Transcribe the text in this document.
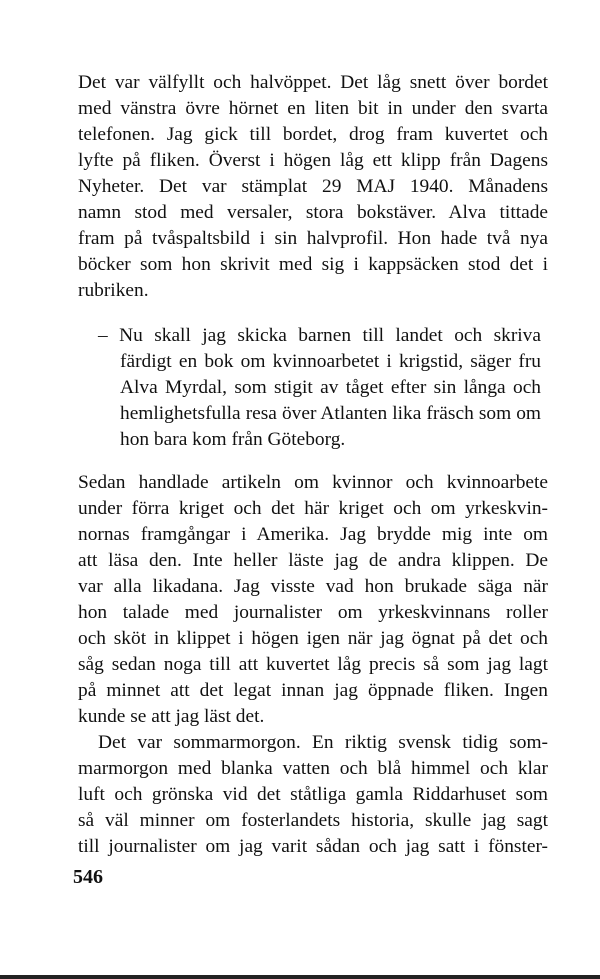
Det var välfyllt och halvöppet. Det låg snett över bordet
med vänstra övre hörnet en liten bit in under den svarta
telefonen. Jag gick till bordet, drog fram kuvertet och
lyfte på fliken. Överst i högen låg ett klipp från Dagens
Nyheter. Det var stämplat 29 MAJ 1940. Månadens
namn stod med versaler, stora bokstäver. Alva tittade
fram på tvåspaltsbild i sin halvprofil. Hon hade två nya
böcker som hon skrivit med sig i kappsäcken stod det i
rubriken.
– Nu skall jag skicka barnen till landet och skriva
färdigt en bok om kvinnoarbetet i krigstid, säger fru
Alva Myrdal, som stigit av tåget efter sin långa och
hemlighetsfulla resa över Atlanten lika fräsch som om
hon bara kom från Göteborg.
Sedan handlade artikeln om kvinnor och kvinnoarbete
under förra kriget och det här kriget och om yrkeskvin-
nornas framgångar i Amerika. Jag brydde mig inte om
att läsa den. Inte heller läste jag de andra klippen. De
var alla likadana. Jag visste vad hon brukade säga när
hon talade med journalister om yrkeskvinnans roller
och sköt in klippet i högen igen när jag ögnat på det och
såg sedan noga till att kuvertet låg precis så som jag lagt
på minnet att det legat innan jag öppnade fliken. Ingen
kunde se att jag läst det.
Det var sommarmorgon. En riktig svensk tidig som-
marmorgon med blanka vatten och blå himmel och klar
luft och grönska vid det ståtliga gamla Riddarhuset som
så väl minner om fosterlandets historia, skulle jag sagt
till journalister om jag varit sådan och jag satt i fönster-
546
